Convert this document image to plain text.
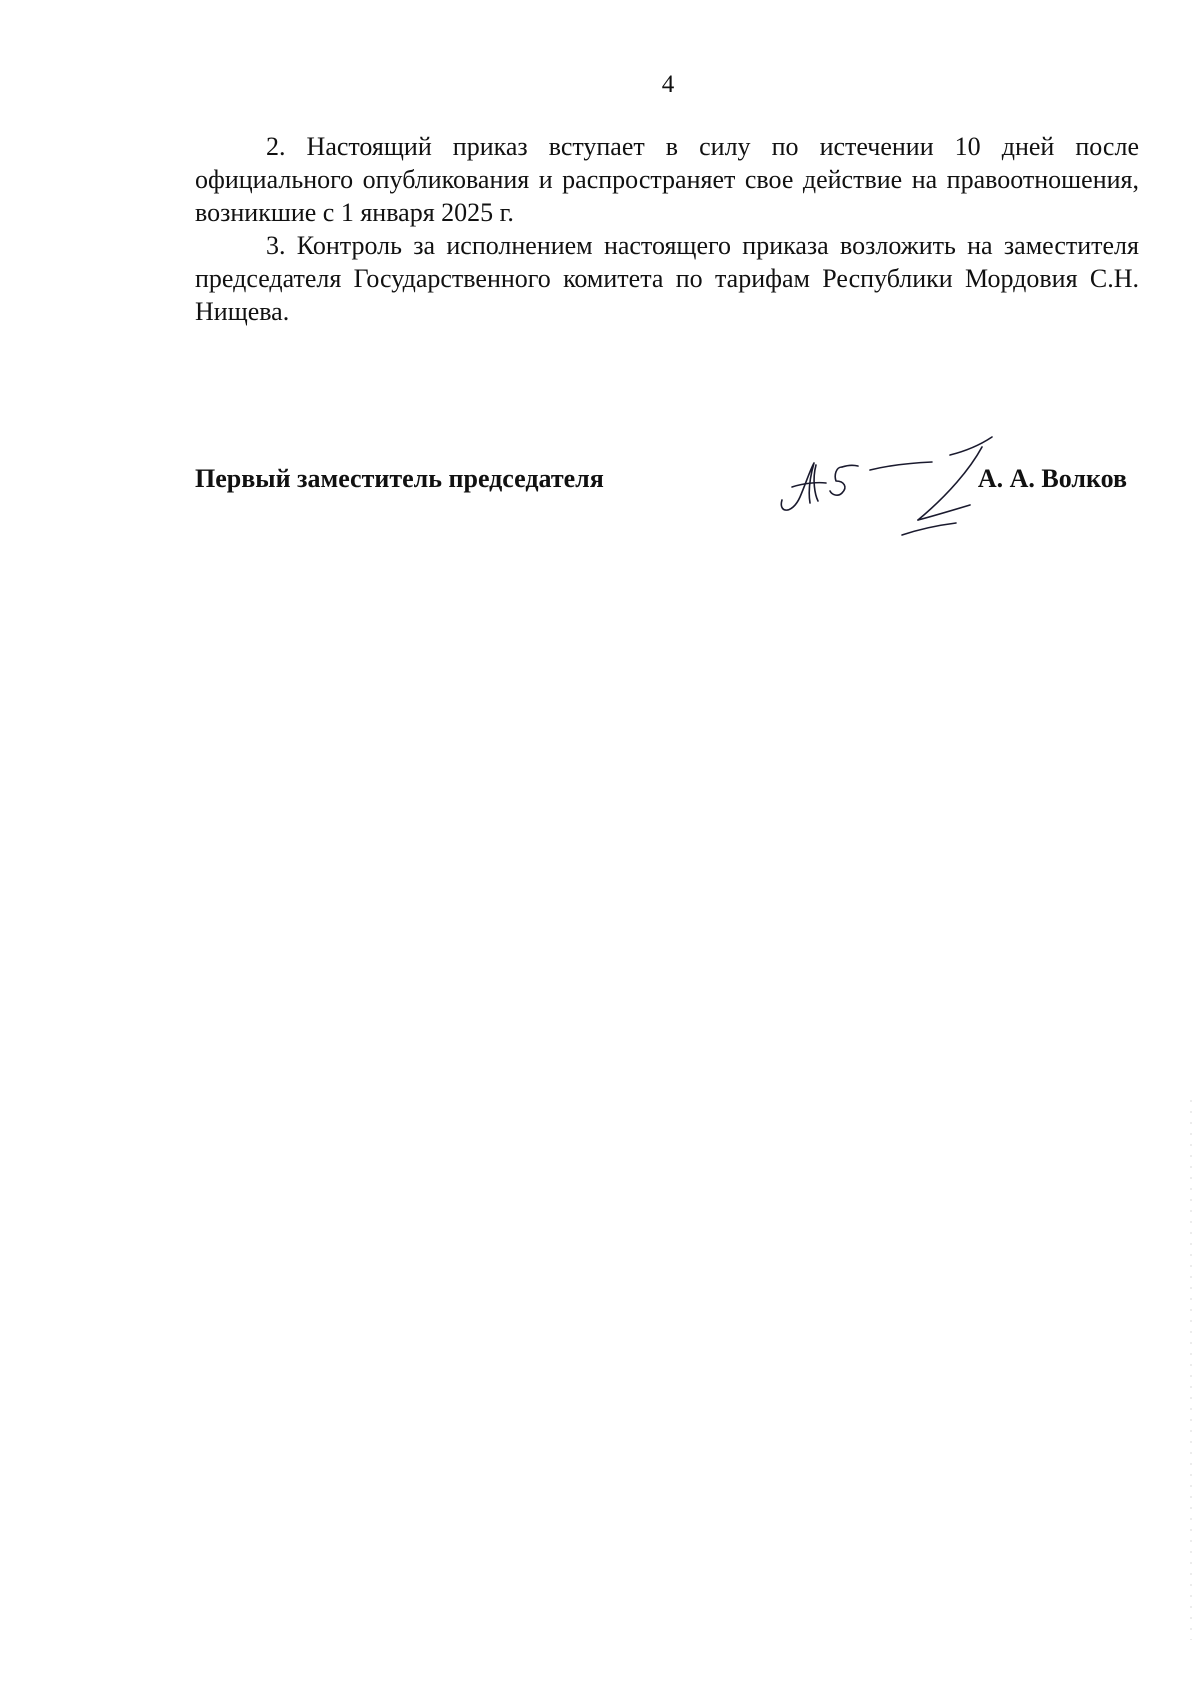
4

2. Настоящий приказ вступает в силу по истечении 10 дней после официального опубликования и распространяет свое действие на правоотношения, возникшие с 1 января 2025 г.

3. Контроль за исполнением настоящего приказа возложить на заместителя председателя Государственного комитета по тарифам Республики Мордовия С.Н. Нищева.

Первый заместитель председателя	А. А. Волков
